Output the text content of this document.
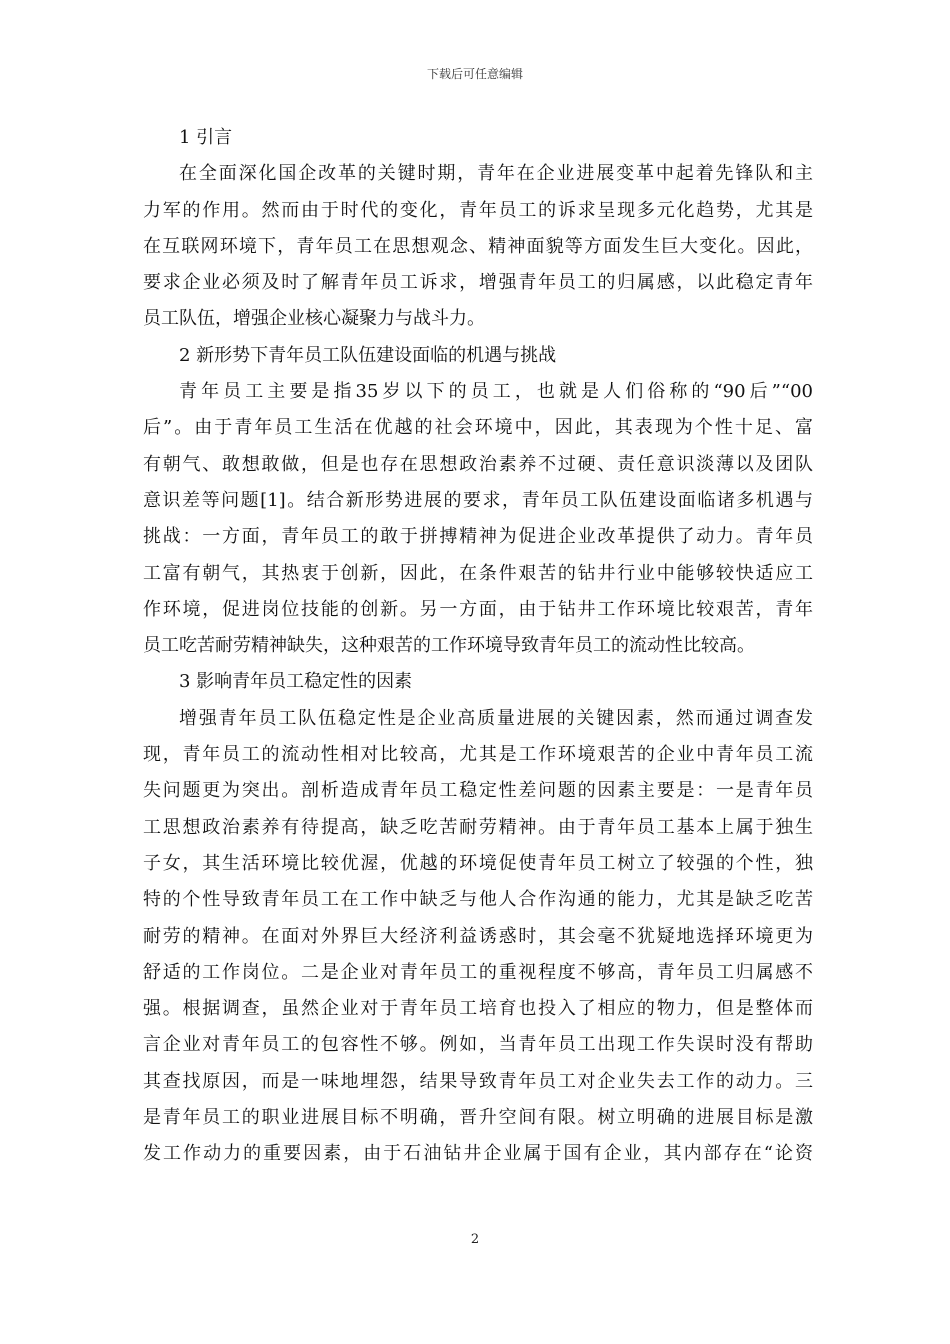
下载后可任意编辑
1 引言
在全面深化国企改革的关键时期，青年在企业进展变革中起着先锋队和主
力军的作用。然而由于时代的变化，青年员工的诉求呈现多元化趋势，尤其是
在互联网环境下，青年员工在思想观念、精神面貌等方面发生巨大变化。因此，
要求企业必须及时了解青年员工诉求，增强青年员工的归属感，以此稳定青年
员工队伍，增强企业核心凝聚力与战斗力。
2 新形势下青年员工队伍建设面临的机遇与挑战
青年员工主要是指35岁以下的员工，也就是人们俗称的“90后”“00
后”。由于青年员工生活在优越的社会环境中，因此，其表现为个性十足、富
有朝气、敢想敢做，但是也存在思想政治素养不过硬、责任意识淡薄以及团队
意识差等问题[1]。结合新形势进展的要求，青年员工队伍建设面临诸多机遇与
挑战：一方面，青年员工的敢于拼搏精神为促进企业改革提供了动力。青年员
工富有朝气，其热衷于创新，因此，在条件艰苦的钻井行业中能够较快适应工
作环境，促进岗位技能的创新。另一方面，由于钻井工作环境比较艰苦，青年
员工吃苦耐劳精神缺失，这种艰苦的工作环境导致青年员工的流动性比较高。
3 影响青年员工稳定性的因素
增强青年员工队伍稳定性是企业高质量进展的关键因素，然而通过调查发
现，青年员工的流动性相对比较高，尤其是工作环境艰苦的企业中青年员工流
失问题更为突出。剖析造成青年员工稳定性差问题的因素主要是：一是青年员
工思想政治素养有待提高，缺乏吃苦耐劳精神。由于青年员工基本上属于独生
子女，其生活环境比较优渥，优越的环境促使青年员工树立了较强的个性，独
特的个性导致青年员工在工作中缺乏与他人合作沟通的能力，尤其是缺乏吃苦
耐劳的精神。在面对外界巨大经济利益诱惑时，其会毫不犹疑地选择环境更为
舒适的工作岗位。二是企业对青年员工的重视程度不够高，青年员工归属感不
强。根据调查，虽然企业对于青年员工培育也投入了相应的物力，但是整体而
言企业对青年员工的包容性不够。例如，当青年员工出现工作失误时没有帮助
其查找原因，而是一味地埋怨，结果导致青年员工对企业失去工作的动力。三
是青年员工的职业进展目标不明确，晋升空间有限。树立明确的进展目标是激
发工作动力的重要因素，由于石油钻井企业属于国有企业，其内部存在“论资
2
